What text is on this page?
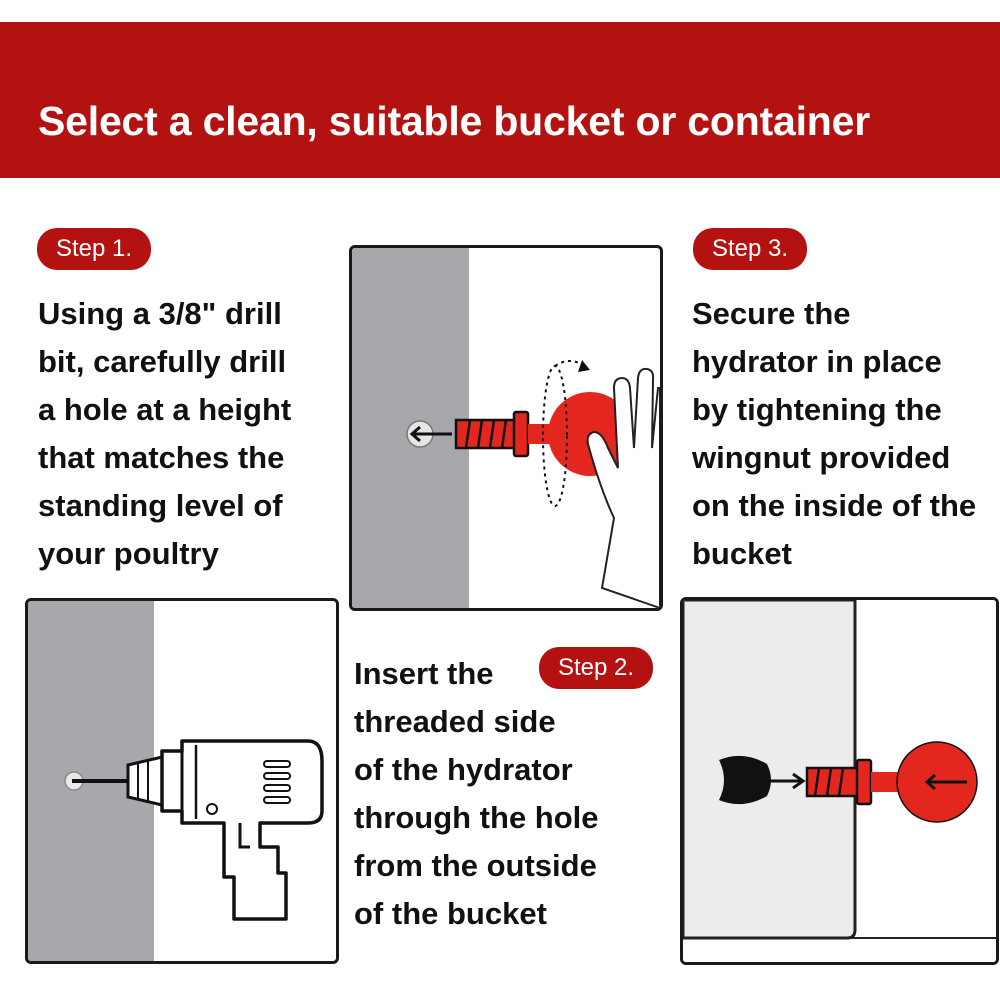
Select a clean, suitable bucket or container
Step 1.
Using a 3/8" drill
bit, carefully drill
a hole at a height
that matches the
standing level of
your poultry
Step 3.
Secure the
hydrator in place
by tightening the
wingnut provided
on the inside of the
bucket
Step 2.
Insert the
threaded side
of the hydrator
through the hole
from the outside
of the bucket
